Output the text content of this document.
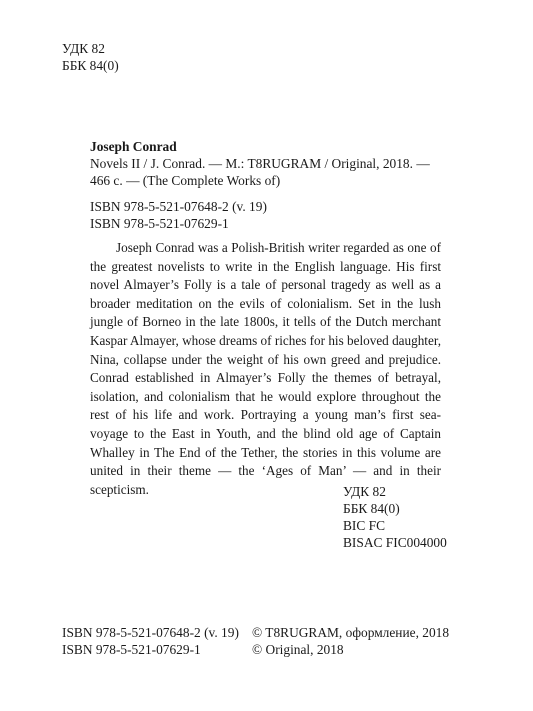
УДК 82
ББК 84(0)
Joseph Conrad
Novels II / J. Conrad. — M.: T8RUGRAM / Original, 2018. —
466 c. — (The Complete Works of)
ISBN 978-5-521-07648-2 (v. 19)
ISBN 978-5-521-07629-1

Joseph Conrad was a Polish-British writer regarded as one of the greatest novelists to write in the English language. His first novel Almayer’s Folly is a tale of personal tragedy as well as a broader meditation on the evils of colonialism. Set in the lush jungle of Borneo in the late 1800s, it tells of the Dutch merchant Kaspar Almayer, whose dreams of riches for his beloved daughter, Nina, collapse under the weight of his own greed and prejudice. Conrad established in Almayer’s Folly the themes of betrayal, isolation, and colonialism that he would explore throughout the rest of his life and work. Portraying a young man’s first sea-voyage to the East in Youth, and the blind old age of Captain Whalley in The End of the Tether, the stories in this volume are united in their theme — the ‘Ages of Man’ — and in their scepticism.	УДК 82
ББК 84(0)
BIC FC
BISAC FIC004000
ISBN 978-5-521-07648-2 (v. 19)
ISBN 978-5-521-07629-1
© T8RUGRAM, оформление, 2018
© Original, 2018
